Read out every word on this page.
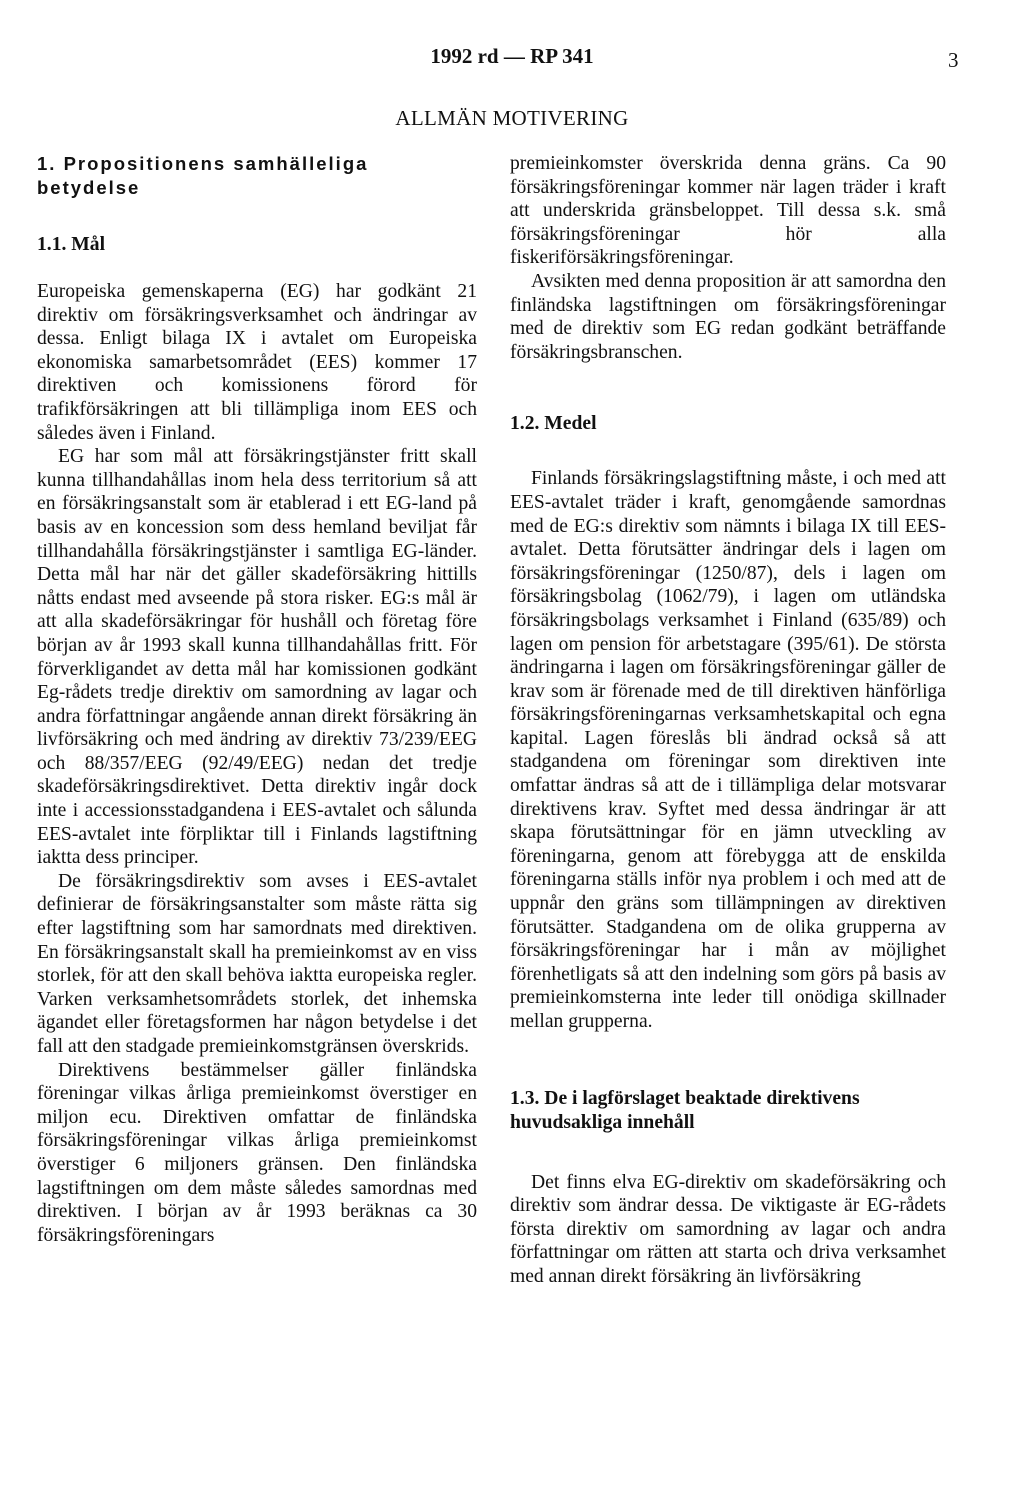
1992 rd — RP 341	3
ALLMÄN MOTIVERING
1. Propositionens samhälleliga betydelse
1.1. Mål

Europeiska gemenskaperna (EG) har godkänt 21 direktiv om försäkringsverksamhet och ändringar av dessa. Enligt bilaga IX i avtalet om Europeiska ekonomiska samarbetsområdet (EES) kommer 17 direktiven och komissionens förord för trafikförsäkringen att bli tillämpliga inom EES och således även i Finland.

EG har som mål att försäkringstjänster fritt skall kunna tillhandahållas inom hela dess territorium så att en försäkringsanstalt som är etablerad i ett EG-land på basis av en koncession som dess hemland beviljat får tillhandahålla försäkringstjänster i samtliga EG-länder. Detta mål har när det gäller skadeförsäkring hittills nåtts endast med avseende på stora risker. EG:s mål är att alla skadeförsäkringar för hushåll och företag före början av år 1993 skall kunna tillhandahållas fritt. För förverkligandet av detta mål har komissionen godkänt Eg-rådets tredje direktiv om samordning av lagar och andra författningar angående annan direkt försäkring än livförsäkring och med ändring av direktiv 73/239/EEG och 88/357/EEG (92/49/EEG) nedan det tredje skadeförsäkringsdirektivet. Detta direktiv ingår dock inte i accessionsstadgandena i EES-avtalet och sålunda EES-avtalet inte förpliktar till i Finlands lagstiftning iaktta dess principer.

De försäkringsdirektiv som avses i EES-avtalet definierar de försäkringsanstalter som måste rätta sig efter lagstiftning som har samordnats med direktiven. En försäkringsanstalt skall ha premieinkomst av en viss storlek, för att den skall behöva iaktta europeiska regler. Varken verksamhetsområdets storlek, det inhemska ägandet eller företagsformen har någon betydelse i det fall att den stadgade premieinkomstgränsen överskrids.

Direktivens bestämmelser gäller finländska föreningar vilkas årliga premieinkomst överstiger en miljon ecu. Direktiven omfattar de finländska försäkringsföreningar vilkas årliga premieinkomst överstiger 6 miljoners gränsen. Den finländska lagstiftningen om dem måste således samordnas med direktiven. I början av år 1993 beräknas ca 30 försäkringsföreningars

premieinkomster överskrida denna gräns. Ca 90 försäkringsföreningar kommer när lagen träder i kraft att underskrida gränsbeloppet. Till dessa s.k. små försäkringsföreningar hör alla fiskeriförsäkringsföreningar.

Avsikten med denna proposition är att samordna den finländska lagstiftningen om försäkringsföreningar med de direktiv som EG redan godkänt beträffande försäkringsbranschen.

1.2. Medel

Finlands försäkringslagstiftning måste, i och med att EES-avtalet träder i kraft, genomgående samordnas med de EG:s direktiv som nämnts i bilaga IX till EES-avtalet. Detta förutsätter ändringar dels i lagen om försäkringsföreningar (1250/87), dels i lagen om försäkringsbolag (1062/79), i lagen om utländska försäkringsbolags verksamhet i Finland (635/89) och lagen om pension för arbetstagare (395/61). De största ändringarna i lagen om försäkringsföreningar gäller de krav som är förenade med de till direktiven hänförliga försäkringsföreningarnas verksamhetskapital och egna kapital. Lagen föreslås bli ändrad också så att stadgandena om föreningar som direktiven inte omfattar ändras så att de i tillämpliga delar motsvarar direktivens krav. Syftet med dessa ändringar är att skapa förutsättningar för en jämn utveckling av föreningarna, genom att förebygga att de enskilda föreningarna ställs inför nya problem i och med att de uppnår den gräns som tillämpningen av direktiven förutsätter. Stadgandena om de olika grupperna av försäkringsföreningar har i mån av möjlighet förenhetligats så att den indelning som görs på basis av premieinkomsterna inte leder till onödiga skillnader mellan grupperna.

1.3. De i lagförslaget beaktade direktivens huvudsakliga innehåll

Det finns elva EG-direktiv om skadeförsäkring och direktiv som ändrar dessa. De viktigaste är EG-rådets första direktiv om samordning av lagar och andra författningar om rätten att starta och driva verksamhet med annan direkt försäkring än livförsäkring
